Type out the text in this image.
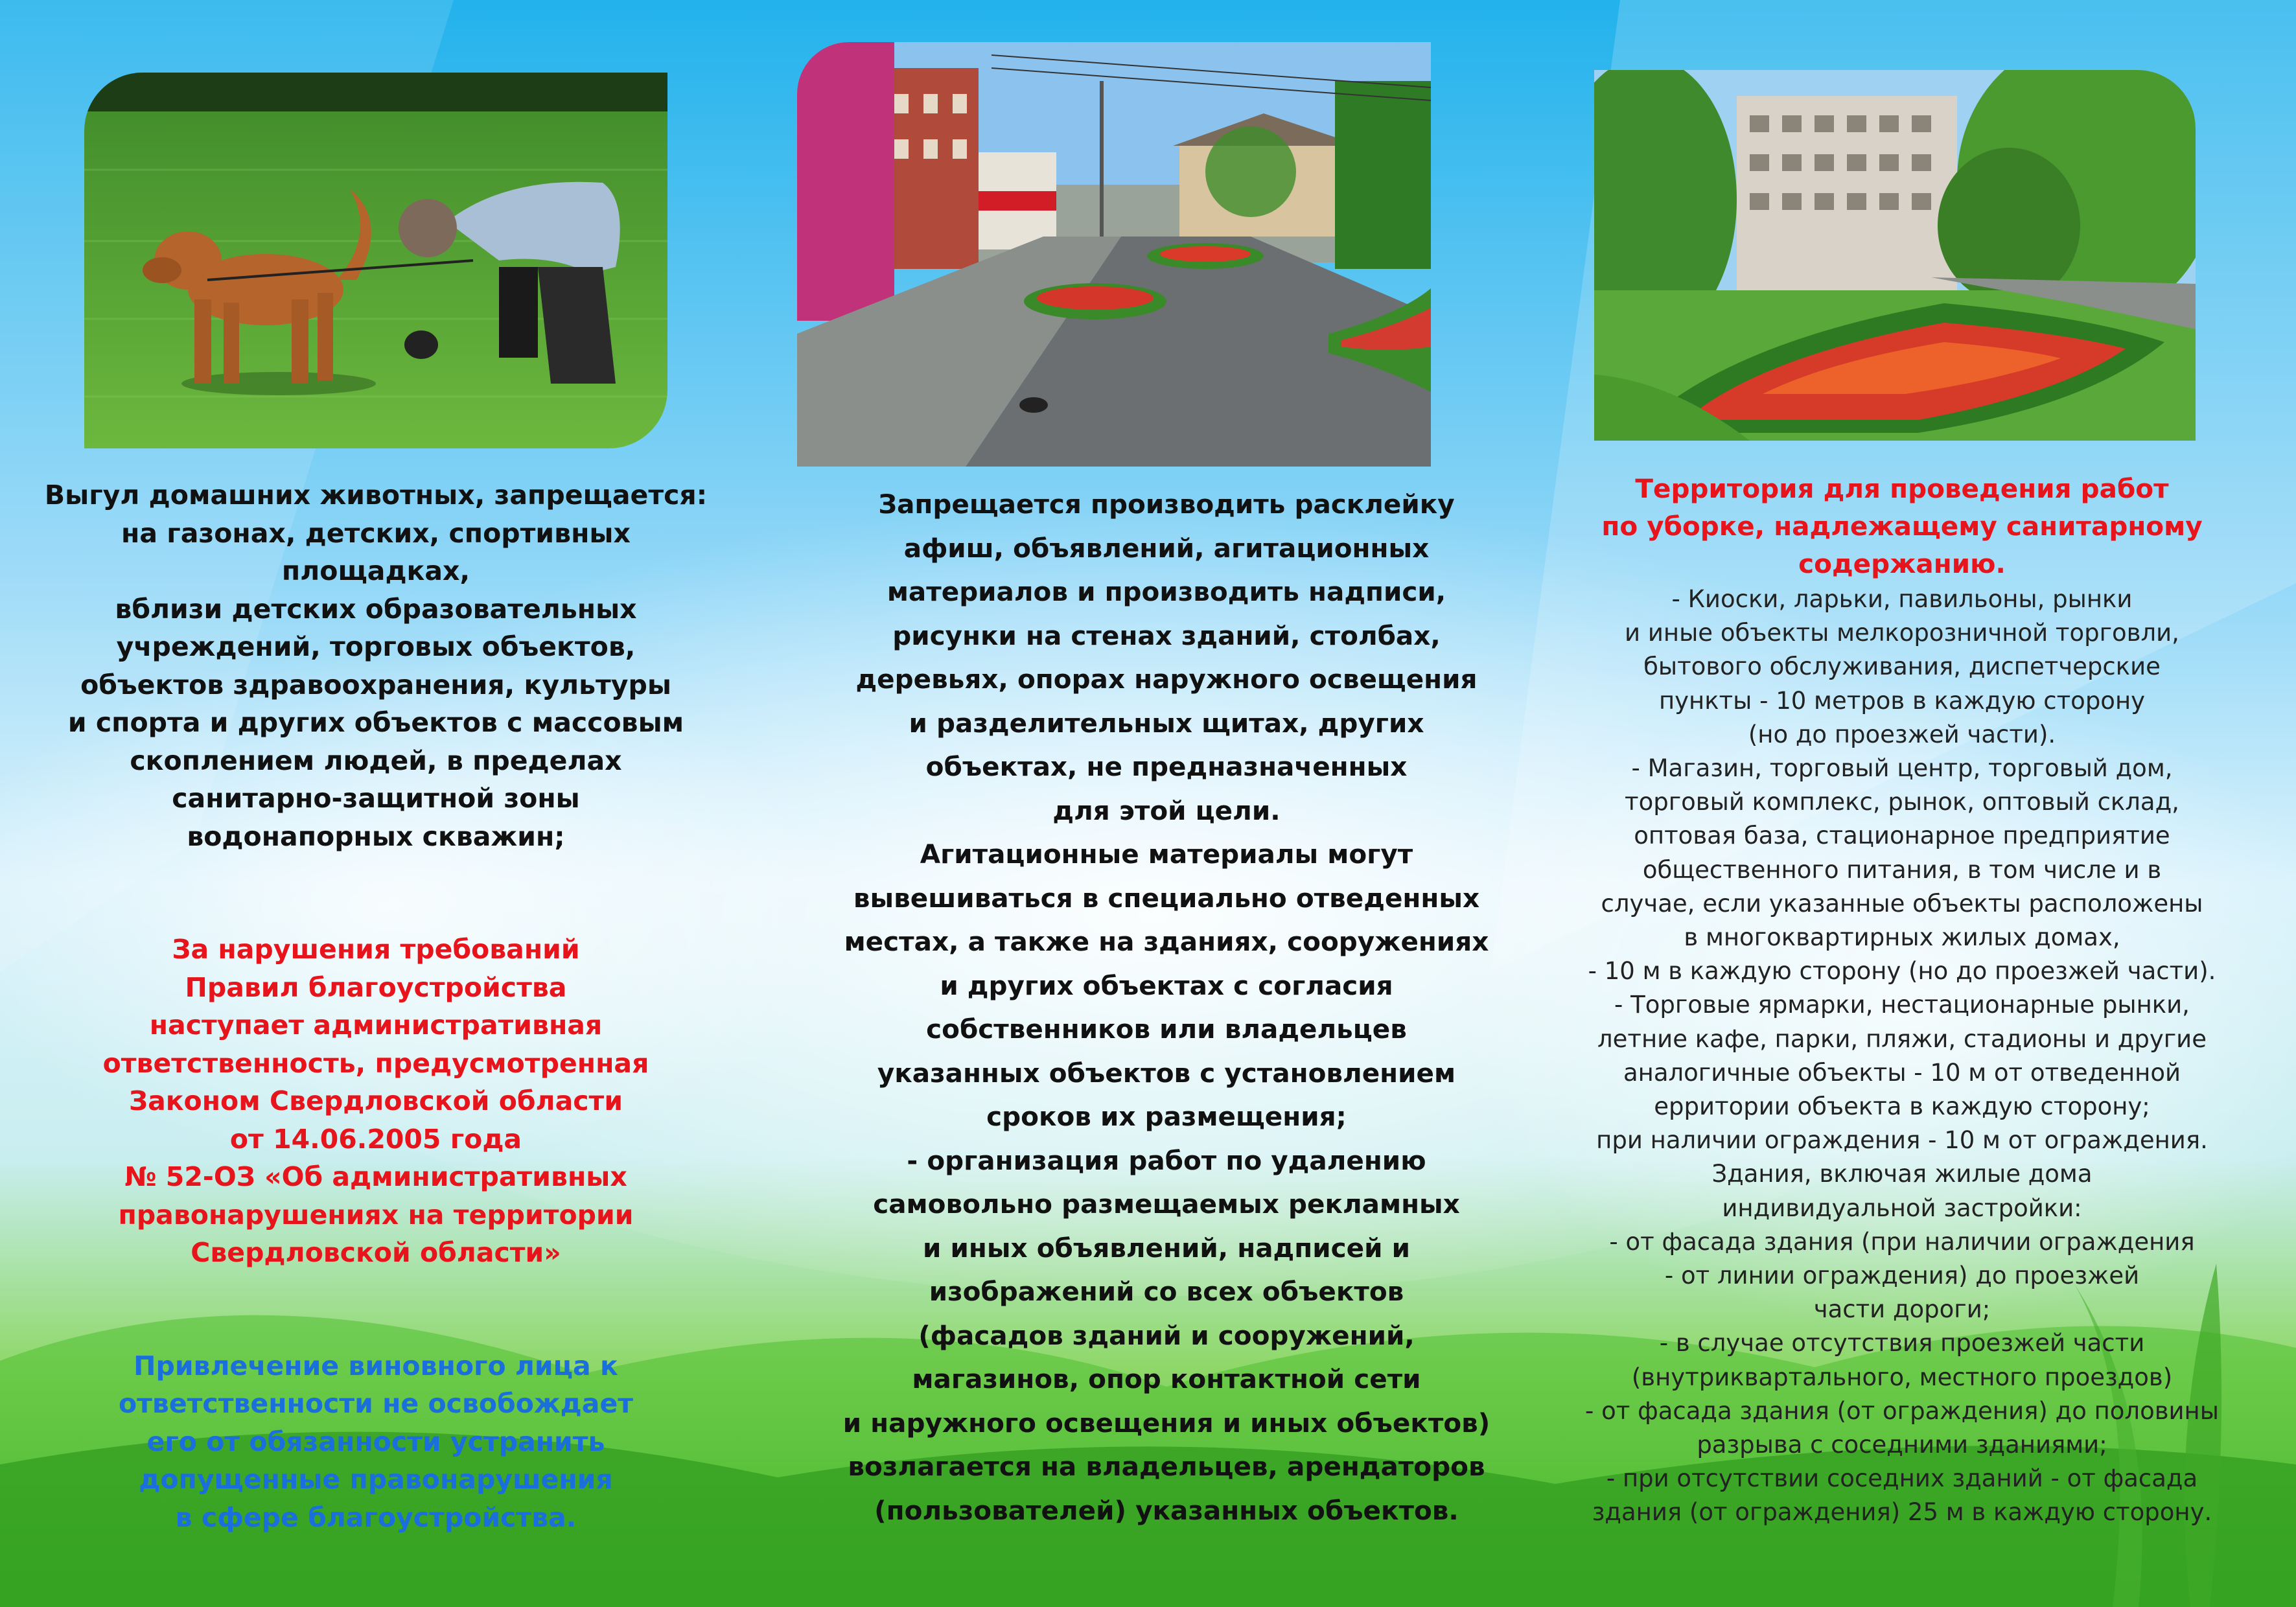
Выгул домашних животных, запрещается:
на газонах, детских, спортивных площадках,
вблизи детских образовательных
учреждений, торговых объектов,
объектов здравоохранения, культуры
и спорта и других объектов с массовым
скоплением людей, в пределах
санитарно-защитной зоны
водонапорных скважин;
За нарушения требований
Правил благоустройства
наступает административная
ответственность, предусмотренная
Законом Свердловской области
от 14.06.2005 года
№ 52-ОЗ «Об административных
правонарушениях на территории
Свердловской области»
Привлечение виновного лица к
ответственности не освобождает
его от обязанности устранить
допущенные правонарушения
в сфере благоустройства.
Запрещается производить расклейку
афиш, объявлений, агитационных
материалов и производить надписи,
рисунки на стенах зданий, столбах,
деревьях, опорах наружного освещения
и разделительных щитах, других
объектах, не предназначенных
для этой цели.
Агитационные материалы могут
вывешиваться в специально отведенных
местах, а также на зданиях, сооружениях
и других объектах с согласия
собственников или владельцев
указанных объектов с установлением
сроков их размещения;
- организация работ по удалению
самовольно размещаемых рекламных
и иных объявлений, надписей и
изображений со всех объектов
(фасадов зданий и сооружений,
магазинов, опор контактной сети
и наружного освещения и иных объектов)
возлагается на владельцев, арендаторов
(пользователей) указанных объектов.
Территория для проведения работ
по уборке, надлежащему санитарному
содержанию.
- Киоски, ларьки, павильоны, рынки
и иные объекты мелкорозничной торговли,
бытового обслуживания, диспетчерские
пункты - 10 метров в каждую сторону
(но до проезжей части).
- Магазин, торговый центр, торговый дом,
торговый комплекс, рынок, оптовый склад,
оптовая база, стационарное предприятие
общественного питания, в том числе и в
случае, если указанные объекты расположены
в многоквартирных жилых домах,
- 10 м в каждую сторону (но до проезжей части).
- Торговые ярмарки, нестационарные рынки,
летние кафе, парки, пляжи, стадионы и другие
аналогичные объекты - 10 м от отведенной
ерритории объекта в каждую сторону;
при наличии ограждения - 10 м от ограждения.
Здания, включая жилые дома
индивидуальной застройки:
- от фасада здания (при наличии ограждения
- от линии ограждения) до проезжей
части дороги;
- в случае отсутствия проезжей части
(внутриквартального, местного проездов)
- от фасада здания (от ограждения) до половины
разрыва с соседними зданиями;
- при отсутствии соседних зданий - от фасада
здания (от ограждения) 25 м в каждую сторону.
